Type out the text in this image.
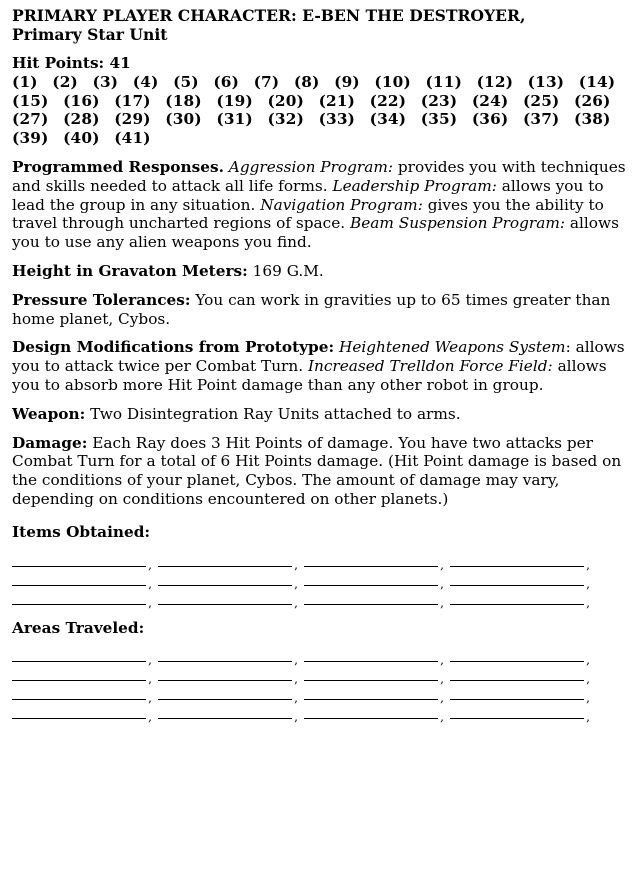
PRIMARY PLAYER CHARACTER: E-BEN THE DESTROYER,
Primary Star Unit

Hit Points: 41
(1) (2) (3) (4) (5) (6) (7) (8) (9) (10) (11) (12) (13) (14) (15) (16) (17) (18) (19) (20) (21) (22) (23) (24) (25) (26) (27) (28) (29) (30) (31) (32) (33) (34) (35) (36) (37) (38) (39) (40) (41)

Programmed Responses. Aggression Program: provides you with techniques and skills needed to attack all life forms. Leadership Program: allows you to lead the group in any situation. Navigation Program: gives you the ability to travel through uncharted regions of space. Beam Suspension Program: allows you to use any alien weapons you find.

Height in Gravaton Meters: 169 G.M.

Pressure Tolerances: You can work in gravities up to 65 times greater than home planet, Cybos.

Design Modifications from Prototype: Heightened Weapons System: allows you to attack twice per Combat Turn. Increased Trelldon Force Field: allows you to absorb more Hit Point damage than any other robot in group.

Weapon: Two Disintegration Ray Units attached to arms.

Damage: Each Ray does 3 Hit Points of damage. You have two attacks per Combat Turn for a total of 6 Hit Points damage. (Hit Point damage is based on the conditions of your planet, Cybos. The amount of damage may vary, depending on conditions encountered on other planets.)

Items Obtained:
,	,	,	,
,	,	,	,
,	,	,	,
Areas Traveled:
,	,	,	,
,	,	,	,
,	,	,	,
,	,	,	,
